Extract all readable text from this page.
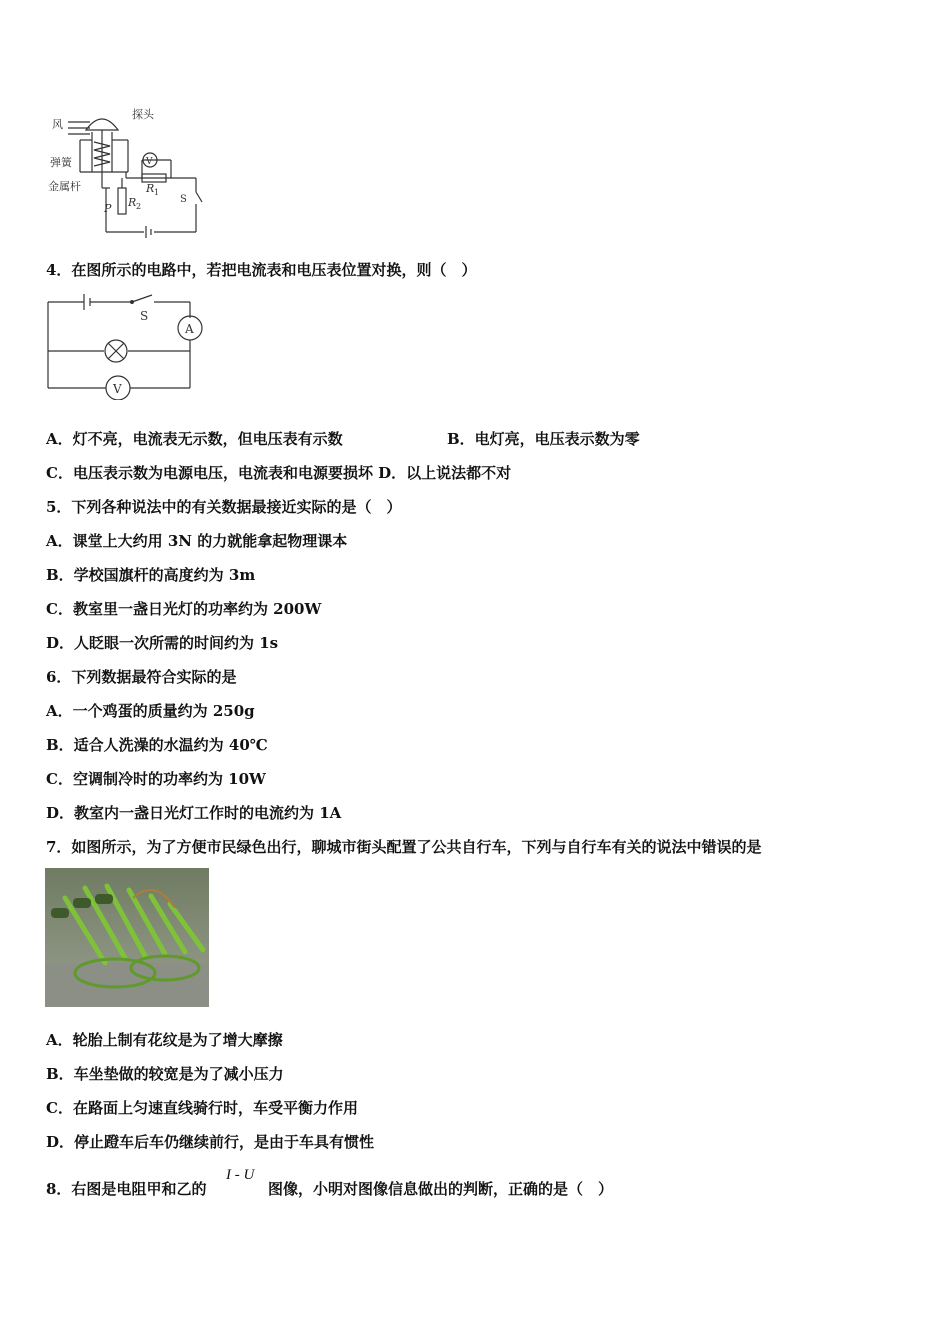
风
探头
弹簧
金属杆
V
R 1
P R 2
S
4．在图所示的电路中，若把电流表和电压表位置对换，则（　）
S
A
V
A．灯不亮，电流表无示数，但电压表有示数	B．电灯亮，电压表示数为零
C．电压表示数为电源电压，电流表和电源要损坏 D．以上说法都不对
5．下列各种说法中的有关数据最接近实际的是（　）
A．课堂上大约用 3N 的力就能拿起物理课本
B．学校国旗杆的高度约为 3m
C．教室里一盏日光灯的功率约为 200W
D．人眨眼一次所需的时间约为 1s
6．下列数据最符合实际的是
A．一个鸡蛋的质量约为 250g
B．适合人洗澡的水温约为 40℃
C．空调制冷时的功率约为 10W
D．教室内一盏日光灯工作时的电流约为 1A
7．如图所示，为了方便市民绿色出行，聊城市街头配置了公共自行车，下列与自行车有关的说法中错误的是
A．轮胎上制有花纹是为了增大摩擦
B．车坐垫做的较宽是为了减小压力
C．在路面上匀速直线骑行时，车受平衡力作用
D．停止蹬车后车仍继续前行，是由于车具有惯性
8．右图是电阻甲和乙的
I - U
图像，小明对图像信息做出的判断，正确的是（　）
